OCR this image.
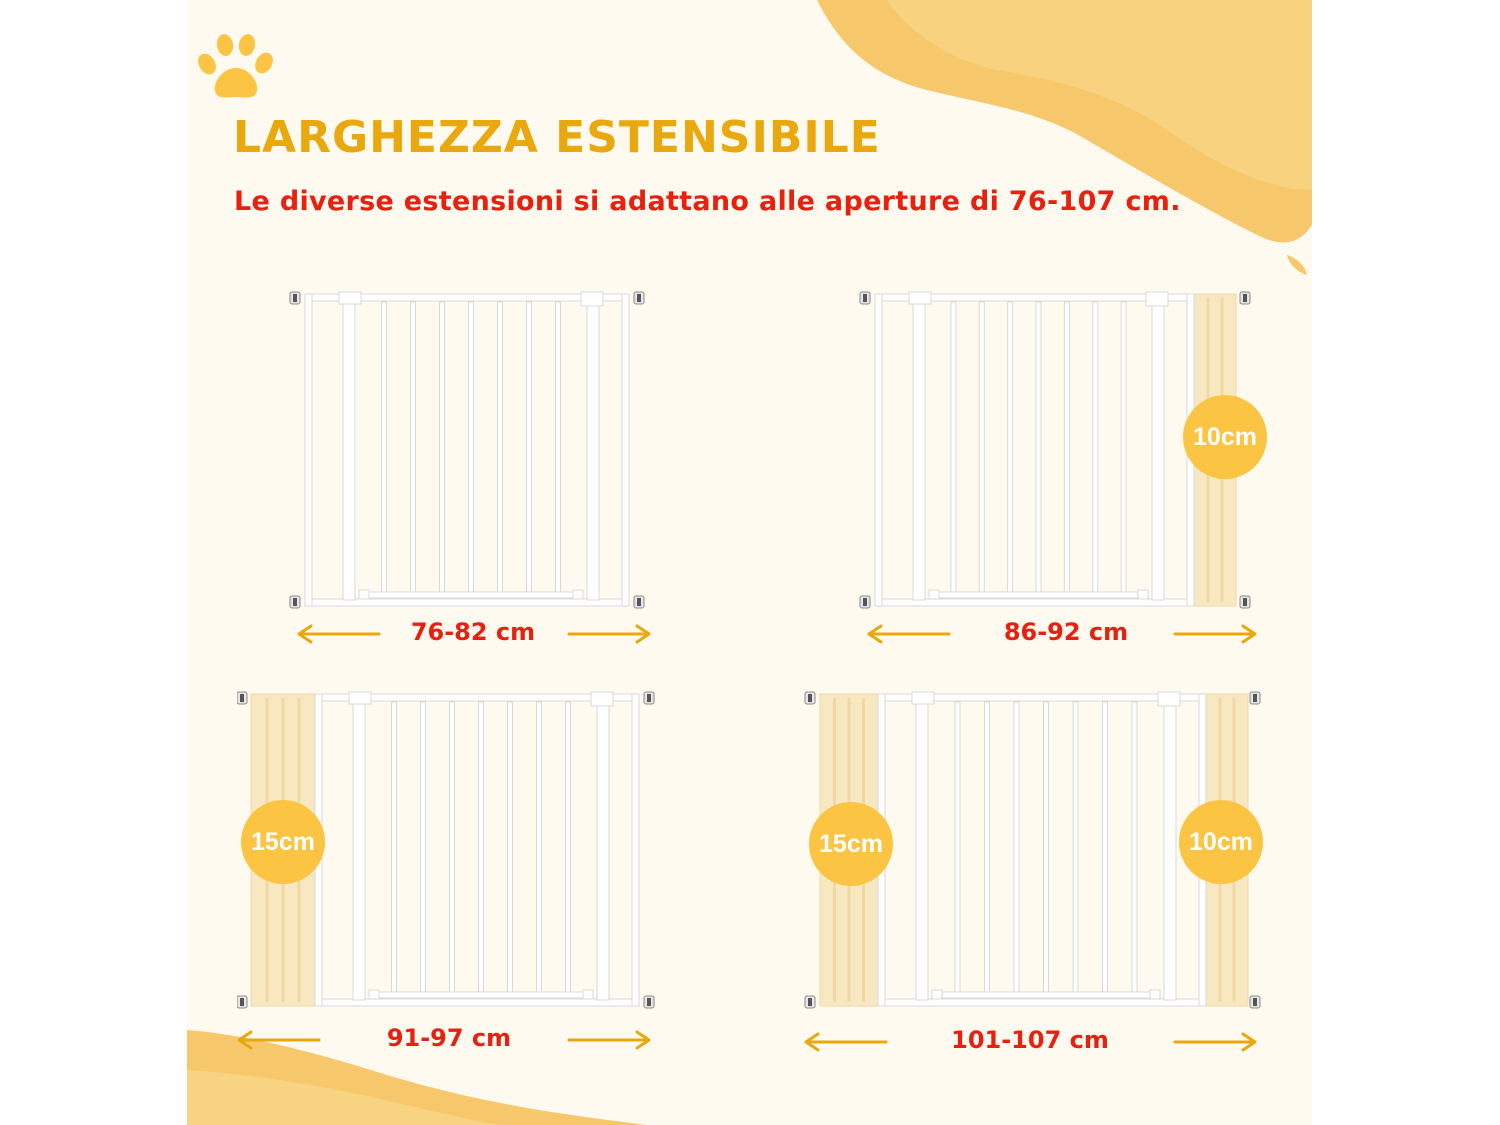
LARGHEZZA ESTENSIBILE

Le diverse estensioni si adattano alle aperture di 76-107 cm.

76-82 cm
10cm
86-92 cm
15cm
91-97 cm
15cm	10cm
101-107 cm
